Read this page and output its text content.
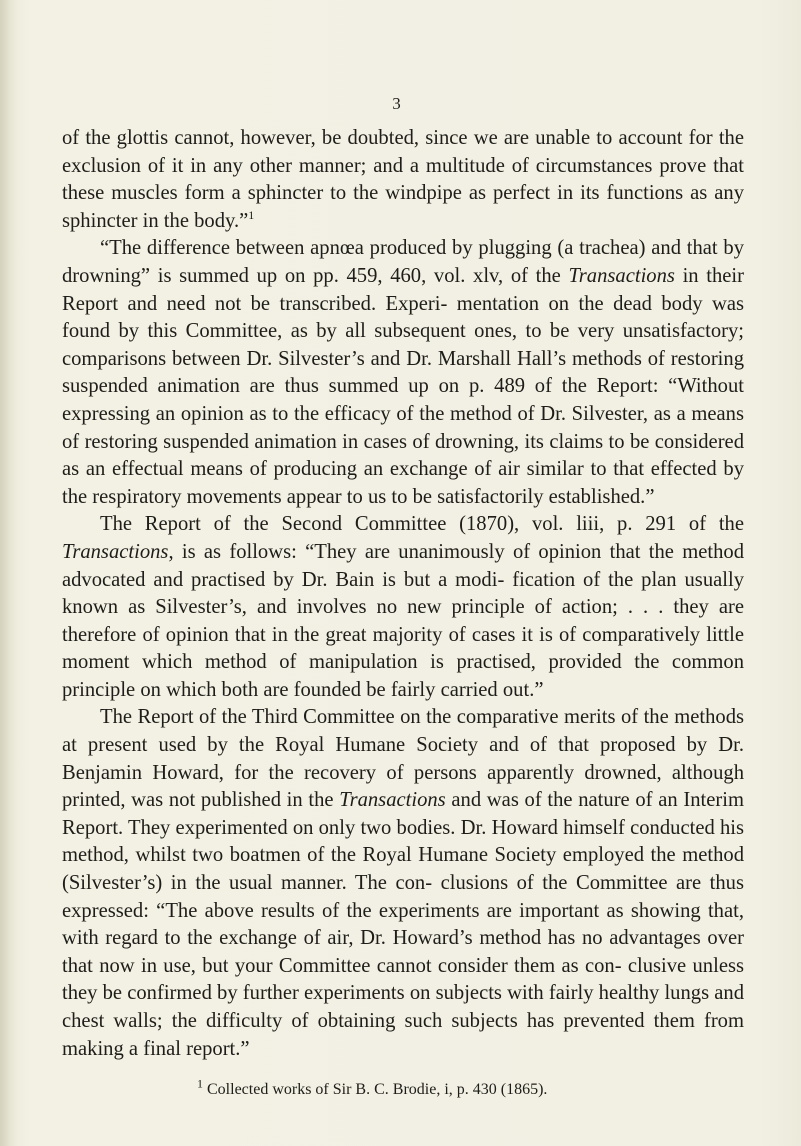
3

of the glottis cannot, however, be doubted, since we are unable to account for the exclusion of it in any other manner; and a multitude of circumstances prove that these muscles form a sphincter to the windpipe as perfect in its functions as any sphincter in the body.”$^1$

“The difference between apnœa produced by plugging (a trachea) and that by drowning” is summed up on pp. 459, 460, vol. xlv, of the Transactions in their Report and need not be transcribed. Experi- mentation on the dead body was found by this Committee, as by all subsequent ones, to be very unsatisfactory; comparisons between Dr. Silvester’s and Dr. Marshall Hall’s methods of restoring suspended animation are thus summed up on p. 489 of the Report: “Without expressing an opinion as to the efficacy of the method of Dr. Silvester, as a means of restoring suspended animation in cases of drowning, its claims to be considered as an effectual means of producing an exchange of air similar to that effected by the respiratory movements appear to us to be satisfactorily established.”

The Report of the Second Committee (1870), vol. liii, p. 291 of the Transactions, is as follows: “They are unanimously of opinion that the method advocated and practised by Dr. Bain is but a modi- fication of the plan usually known as Silvester’s, and involves no new principle of action; . . . they are therefore of opinion that in the great majority of cases it is of comparatively little moment which method of manipulation is practised, provided the common principle on which both are founded be fairly carried out.”

The Report of the Third Committee on the comparative merits of the methods at present used by the Royal Humane Society and of that proposed by Dr. Benjamin Howard, for the recovery of persons apparently drowned, although printed, was not published in the Transactions and was of the nature of an Interim Report. They experimented on only two bodies. Dr. Howard himself conducted his method, whilst two boatmen of the Royal Humane Society employed the method (Silvester’s) in the usual manner. The con- clusions of the Committee are thus expressed: “The above results of the experiments are important as showing that, with regard to the exchange of air, Dr. Howard’s method has no advantages over that now in use, but your Committee cannot consider them as con- clusive unless they be confirmed by further experiments on subjects with fairly healthy lungs and chest walls; the difficulty of obtaining such subjects has prevented them from making a final report.”

$^1$ Collected works of Sir B. C. Brodie, i, p. 430 (1865).
